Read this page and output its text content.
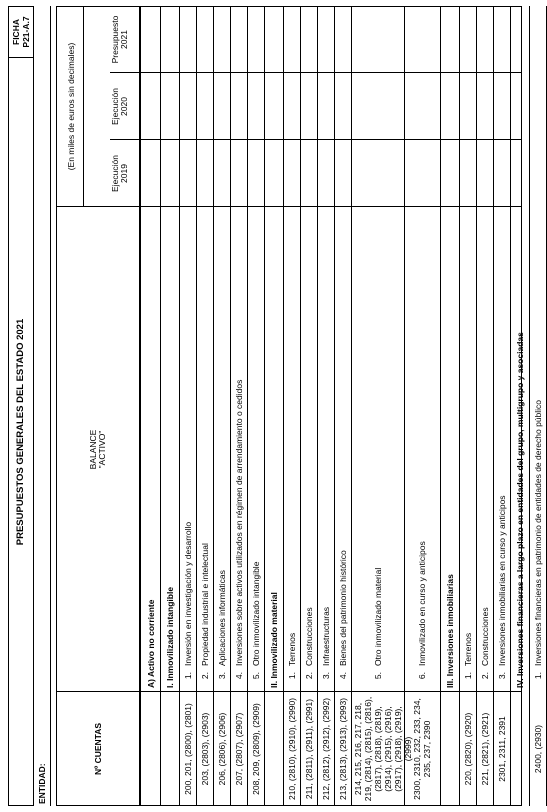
PRESUPUESTOS GENERALES DEL ESTADO 2021
FICHA P21-A.7
ENTIDAD:
Nº CUENTAS
BALANCE "ACTIVO"
(En miles de euros sin decimales)
Ejecución 2019
Ejecución 2020
Presupuesto 2021
A) Activo no corriente I. Inmovilizado intangible
200, 201, (2800), (2801)
1.
Inversión en investigación y desarrollo
203, (2803), (2903)
2.
Propiedad industrial e intelectual
206, (2806), (2906)
3.
Aplicaciones informáticas
207, (2807), (2907)
4.
Inversiones sobre activos utilizados en régimen de arrendamiento o cedidos
208, 209, (2809), (2909)
5.
Otro inmovilizado intangible II. Inmovilizado material
210, (2810), (2910), (2990)
1.
Terrenos
211, (2811), (2911), (2991)
2.
Construcciones
212, (2812), (2912), (2992)
3.
Infraestructuras
213, (2813), (2913), (2993)
4.
Bienes del patrimonio histórico
214, 215, 216, 217, 218, 219, (2814), (2815), (2816), (2817), (2818), (2819), (2914), (2915), (2916), (2917), (2918), (2919), (2999)
5.
Otro inmovilizado material
2300, 2310, 232, 233, 234, 235, 237, 2390
6.
Inmovilizado en curso y anticipos III. Inversiones inmobiliarias
220, (2820), (2920)
1.
Terrenos
221, (2821), (2921)
2.
Construcciones
2301, 2311, 2391
3.
Inversiones inmobiliarias en curso y anticipos IV. Inversiones financieras a largo plazo en entidades del grupo, multigrupo y asociadas
2400, (2930)
1.
Inversiones financieras en patrimonio de entidades de derecho público
